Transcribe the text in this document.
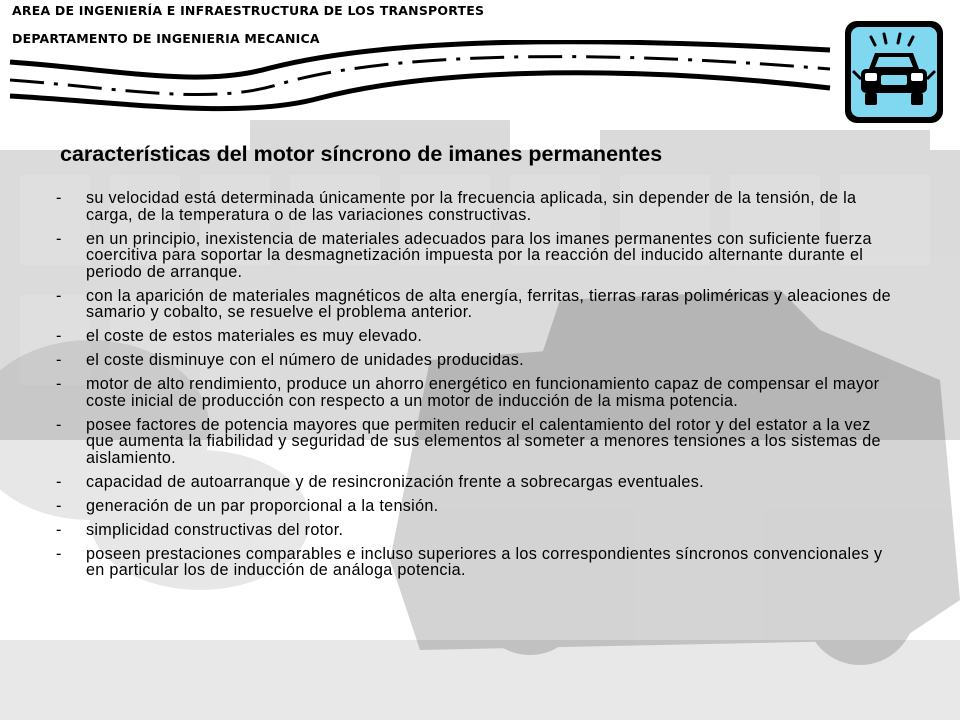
AREA DE INGENIERÍA E INFRAESTRUCTURA DE LOS TRANSPORTES

DEPARTAMENTO DE INGENIERIA MECANICA

características del motor síncrono de imanes permanentes
- su velocidad está determinada únicamente por la frecuencia aplicada, sin depender de la tensión, de la carga, de la temperatura o de las variaciones constructivas.
- en un principio, inexistencia de materiales adecuados para los imanes permanentes con suficiente fuerza coercitiva para soportar la desmagnetización impuesta por la reacción del inducido alternante durante el periodo de arranque.
- con la aparición de materiales magnéticos de alta energía, ferritas, tierras raras poliméricas y aleaciones de samario y cobalto, se resuelve el problema anterior.
- el coste de estos materiales es muy elevado.
- el coste disminuye con el número de unidades producidas.
- motor de alto rendimiento, produce un ahorro energético en funcionamiento capaz de compensar el mayor coste inicial de producción con respecto a un motor de inducción de la misma potencia.
- posee factores de potencia mayores que permiten reducir el calentamiento del rotor y del estator a la vez que aumenta la fiabilidad y seguridad de sus elementos al someter a menores tensiones a los sistemas de aislamiento.
- capacidad de autoarranque y de resincronización frente a sobrecargas eventuales.
- generación de un par proporcional a la tensión.
- simplicidad constructivas del rotor.
- poseen prestaciones comparables e incluso superiores a los correspondientes síncronos convencionales y en particular los de inducción de análoga potencia.
